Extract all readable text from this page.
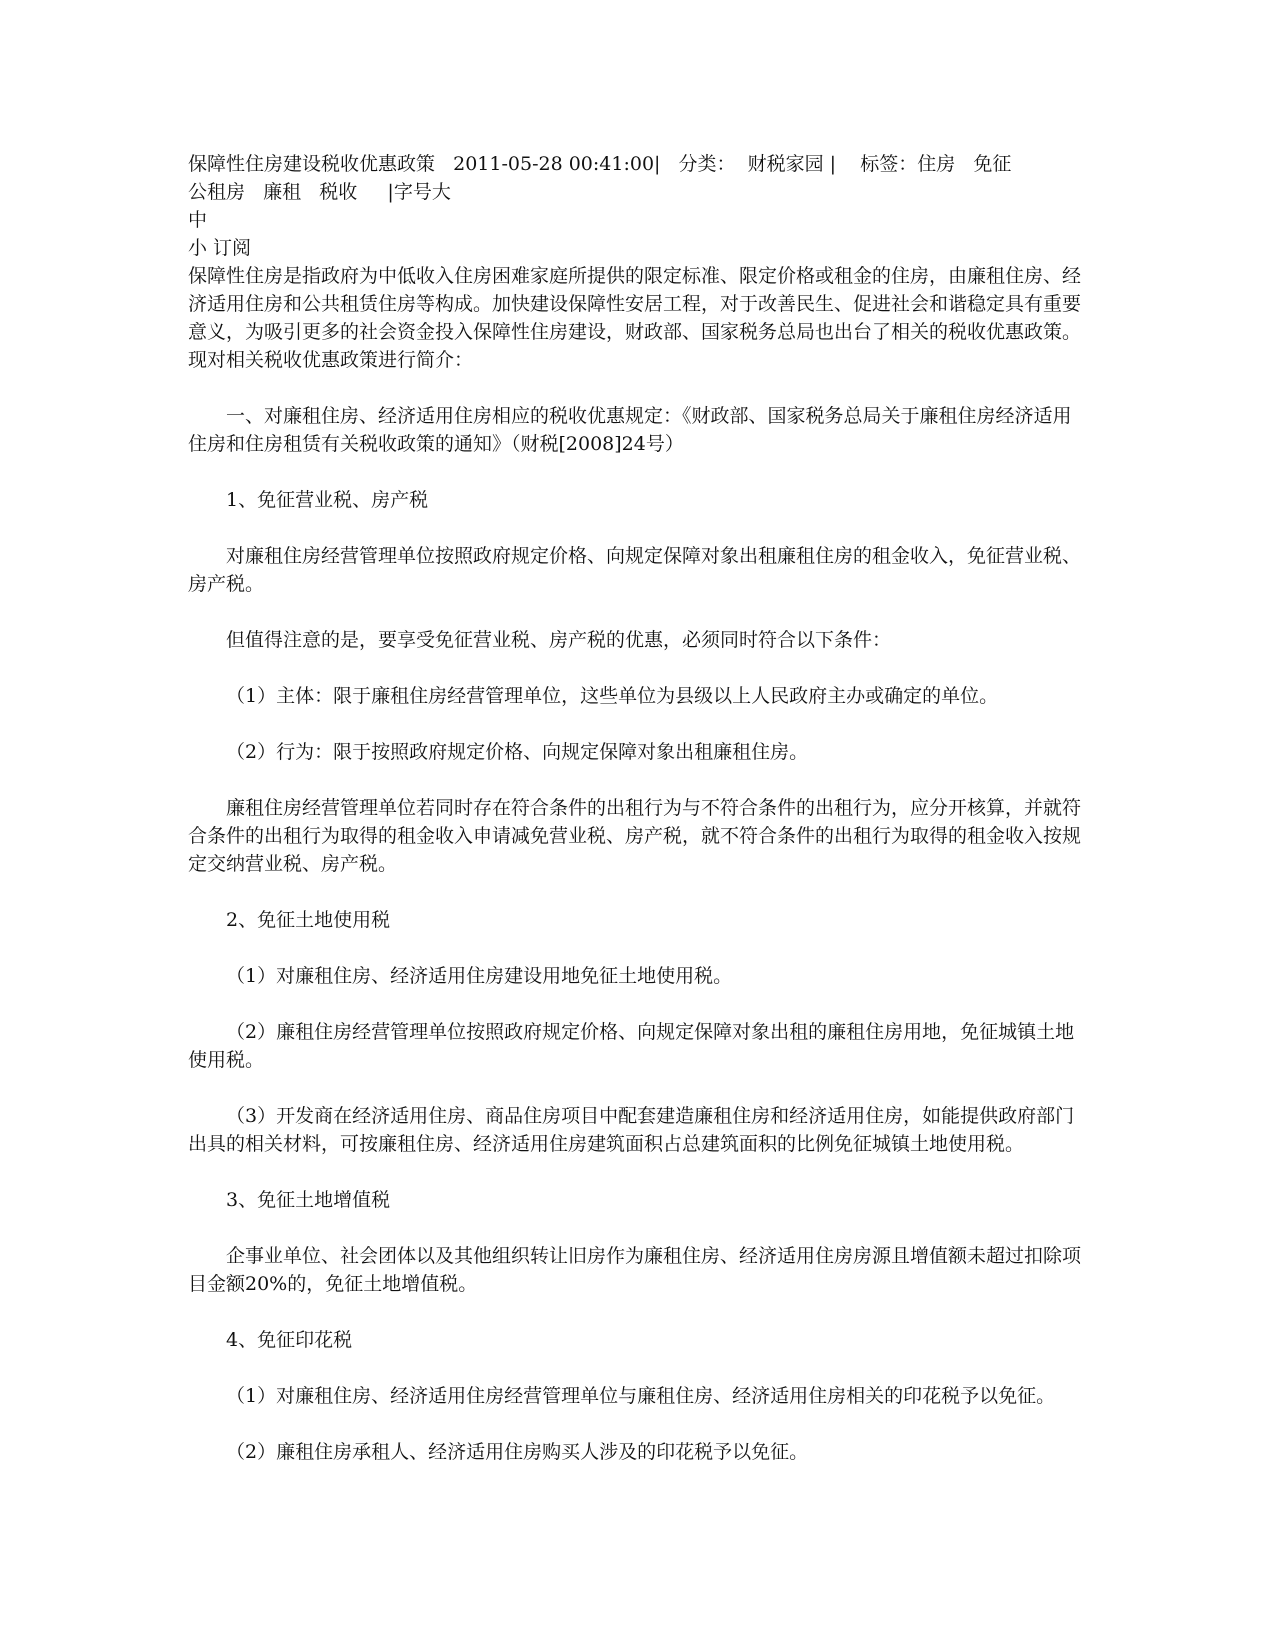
保障性住房建设税收优惠政策   2011-05-28 00:41:00|   分类：  财税家园 |    标签：住房   免征

公租房   廉租   税收     |字号大

中

小 订阅

保障性住房是指政府为中低收入住房困难家庭所提供的限定标准、限定价格或租金的住房，由廉租住房、经济适用住房和公共租赁住房等构成。加快建设保障性安居工程，对于改善民生、促进社会和谐稳定具有重要意义，为吸引更多的社会资金投入保障性住房建设，财政部、国家税务总局也出台了相关的税收优惠政策。现对相关税收优惠政策进行简介：

一、对廉租住房、经济适用住房相应的税收优惠规定：《财政部、国家税务总局关于廉租住房经济适用住房和住房租赁有关税收政策的通知》（财税[2008]24号）

1、免征营业税、房产税

对廉租住房经营管理单位按照政府规定价格、向规定保障对象出租廉租住房的租金收入，免征营业税、房产税。

但值得注意的是，要享受免征营业税、房产税的优惠，必须同时符合以下条件：

（1）主体：限于廉租住房经营管理单位，这些单位为县级以上人民政府主办或确定的单位。

（2）行为：限于按照政府规定价格、向规定保障对象出租廉租住房。

廉租住房经营管理单位若同时存在符合条件的出租行为与不符合条件的出租行为，应分开核算，并就符合条件的出租行为取得的租金收入申请减免营业税、房产税，就不符合条件的出租行为取得的租金收入按规定交纳营业税、房产税。

2、免征土地使用税

（1）对廉租住房、经济适用住房建设用地免征土地使用税。

（2）廉租住房经营管理单位按照政府规定价格、向规定保障对象出租的廉租住房用地，免征城镇土地使用税。

（3）开发商在经济适用住房、商品住房项目中配套建造廉租住房和经济适用住房，如能提供政府部门出具的相关材料，可按廉租住房、经济适用住房建筑面积占总建筑面积的比例免征城镇土地使用税。

3、免征土地增值税

企事业单位、社会团体以及其他组织转让旧房作为廉租住房、经济适用住房房源且增值额未超过扣除项目金额20%的，免征土地增值税。

4、免征印花税

（1）对廉租住房、经济适用住房经营管理单位与廉租住房、经济适用住房相关的印花税予以免征。

（2）廉租住房承租人、经济适用住房购买人涉及的印花税予以免征。
